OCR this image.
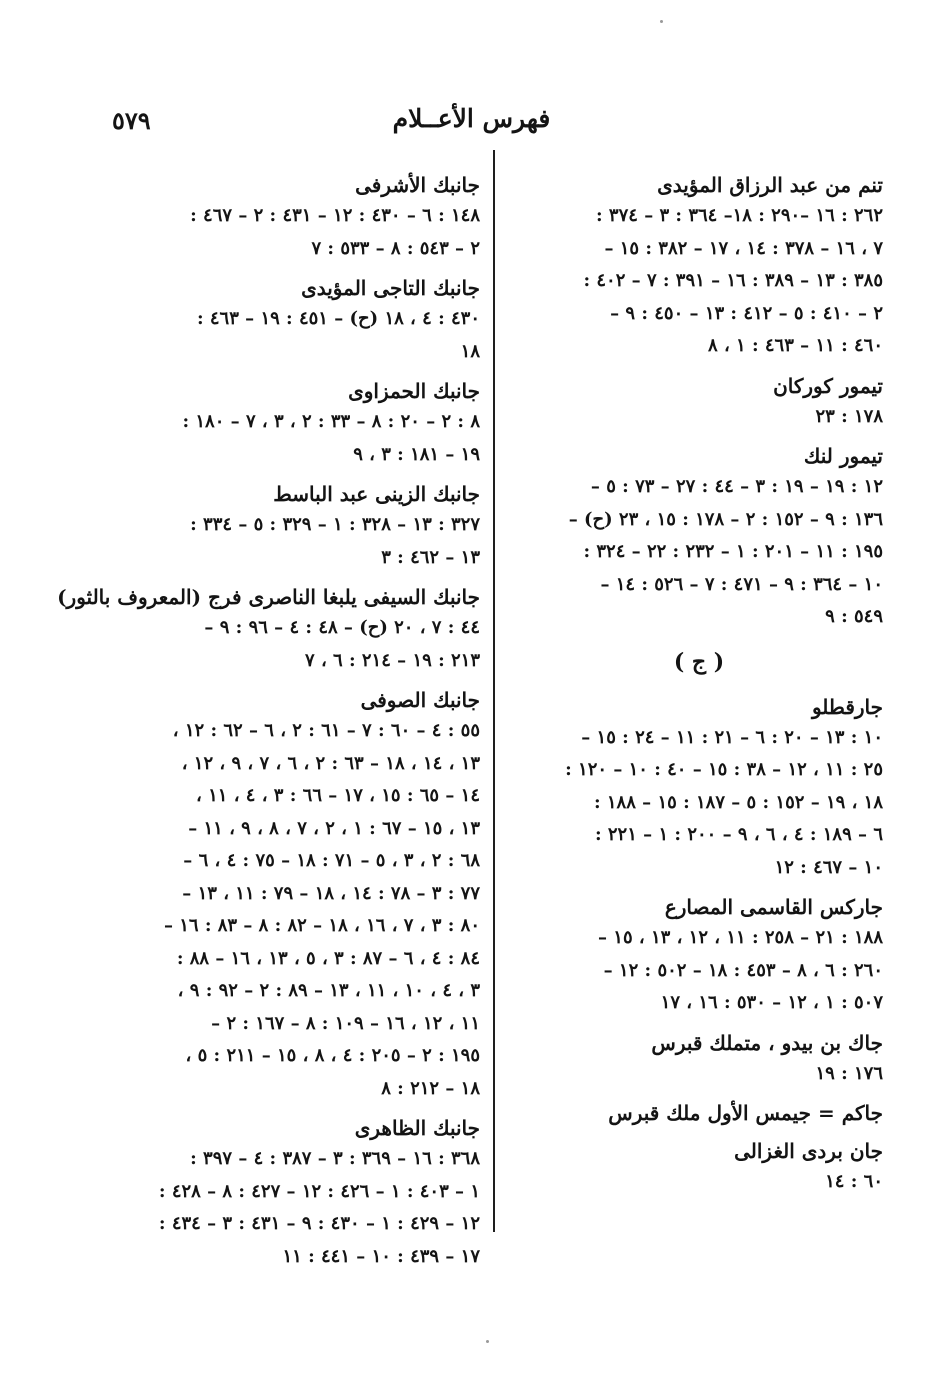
٥٧٩	فهرس الأعــلام
تنم من عبد الرزاق المؤيدى
٢٦٢ : ١٦ –٢٩٠ : ١٨– ٣٦٤ : ٣ – ٣٧٤ :
٧ ، ١٦ – ٣٧٨ : ١٤ ، ١٧ – ٣٨٢ : ١٥ –
٣٨٥ : ١٣ – ٣٨٩ : ١٦ – ٣٩١ : ٧ – ٤٠٢ :
٢ – ٤١٠ : ٥ – ٤١٢ : ١٣ – ٤٥٠ : ٩ –
٤٦٠ : ١١ – ٤٦٣ : ١ ، ٨
تيمور كوركان
١٧٨ : ٢٣
تيمور لنك
١٢ : ١٩ – ١٩ : ٣ – ٤٤ : ٢٧ – ٧٣ : ٥ –
١٣٦ : ٩ – ١٥٢ : ٢ – ١٧٨ : ١٥ ، ٢٣ (ح) –
١٩٥ : ١١ – ٢٠١ : ١ – ٢٣٢ : ٢٢ – ٣٢٤ :
١٠ – ٣٦٤ : ٩ – ٤٧١ : ٧ – ٥٢٦ : ١٤ –
٥٤٩ : ٩
( ج )
جارقطلو
١٠ : ١٣ – ٢٠ : ٦ – ٢١ : ١١ – ٢٤ : ١٥ –
٢٥ : ١١ ، ١٢ – ٣٨ : ١٥ – ٤٠ : ١٠ – ١٢٠ :
١٨ ، ١٩ – ١٥٢ : ٥ – ١٨٧ : ١٥ – ١٨٨ :
٦ – ١٨٩ : ٤ ، ٦ ، ٩ – ٢٠٠ : ١ – ٢٢١ :
١٠ – ٤٦٧ : ١٢
جاركس القاسمى المصارع
١٨٨ : ٢١ – ٢٥٨ : ١١ ، ١٢ ، ١٣ ، ١٥ –
٢٦٠ : ٦ ، ٨ – ٤٥٣ : ١٨ – ٥٠٢ : ١٢ –
٥٠٧ : ١ ، ١٢ – ٥٣٠ : ١٦ ، ١٧
جاك بن بيدو ، متملك قبرس
١٧٦ : ١٩
جاكم = جيمس الأول ملك قبرس
جان بردى الغزالى
٦٠ : ١٤
جانبك الأشرفى
١٤٨ : ٦ – ٤٣٠ : ١٢ – ٤٣١ : ٢ – ٤٦٧ :
٢ – ٥٤٣ : ٨ – ٥٣٣ : ٧
جانبك التاجى المؤيدى
٤٣٠ : ٤ ، ١٨ (ح) – ٤٥١ : ١٩ – ٤٦٣ :
١٨
جانبك الحمزاوى
٨ : ٢ – ٢٠ : ٨ – ٣٣ : ٢ ، ٣ ، ٧ – ١٨٠ :
١٩ – ١٨١ : ٣ ، ٩
جانبك الزينى عبد الباسط
٣٢٧ : ١٣ – ٣٢٨ : ١ – ٣٢٩ : ٥ – ٣٣٤ :
١٣ – ٤٦٢ : ٣
جانبك السيفى يلبغا الناصرى فرج (المعروف بالثور)
٤٤ : ٧ ، ٢٠ (ح) – ٤٨ : ٤ – ٩٦ : ٩ –
٢١٣ : ١٩ – ٢١٤ : ٦ ، ٧
جانبك الصوفى
٥٥ : ٤ – ٦٠ : ٧ – ٦١ : ٢ ، ٦ – ٦٢ : ١٢ ،
١٣ ، ١٤ ، ١٨ – ٦٣ : ٢ ، ٦ ، ٧ ، ٩ ، ١٢ ،
١٤ – ٦٥ : ١٥ ، ١٧ – ٦٦ : ٣ ، ٤ ، ١١ ،
١٣ ، ١٥ – ٦٧ : ١ ، ٢ ، ٧ ، ٨ ، ٩ ، ١١ –
٦٨ : ٢ ، ٣ ، ٥ – ٧١ : ١٨ – ٧٥ : ٤ ، ٦ –
٧٧ : ٣ – ٧٨ : ١٤ ، ١٨ – ٧٩ : ١١ ، ١٣ –
٨٠ : ٣ ، ٧ ، ١٦ ، ١٨ – ٨٢ : ٨ – ٨٣ : ١٦ –
٨٤ : ٤ ، ٦ – ٨٧ : ٣ ، ٥ ، ١٣ ، ١٦ – ٨٨ :
٣ ، ٤ ، ١٠ ، ١١ ، ١٣ – ٨٩ : ٢ – ٩٢ : ٩ ،
١١ ، ١٢ ، ١٦ – ١٠٩ : ٨ – ١٦٧ : ٢ –
١٩٥ : ٢ – ٢٠٥ : ٤ ، ٨ ، ١٥ – ٢١١ : ٥ ،
١٨ – ٢١٢ : ٨
جانبك الظاهرى
٣٦٨ : ١٦ – ٣٦٩ : ٣ – ٣٨٧ : ٤ – ٣٩٧ :
١ – ٤٠٣ : ١ – ٤٢٦ : ١٢ – ٤٢٧ : ٨ – ٤٢٨ :
١٢ – ٤٢٩ : ١ – ٤٣٠ : ٩ – ٤٣١ : ٣ – ٤٣٤ :
١٧ – ٤٣٩ : ١٠ – ٤٤١ : ١١
